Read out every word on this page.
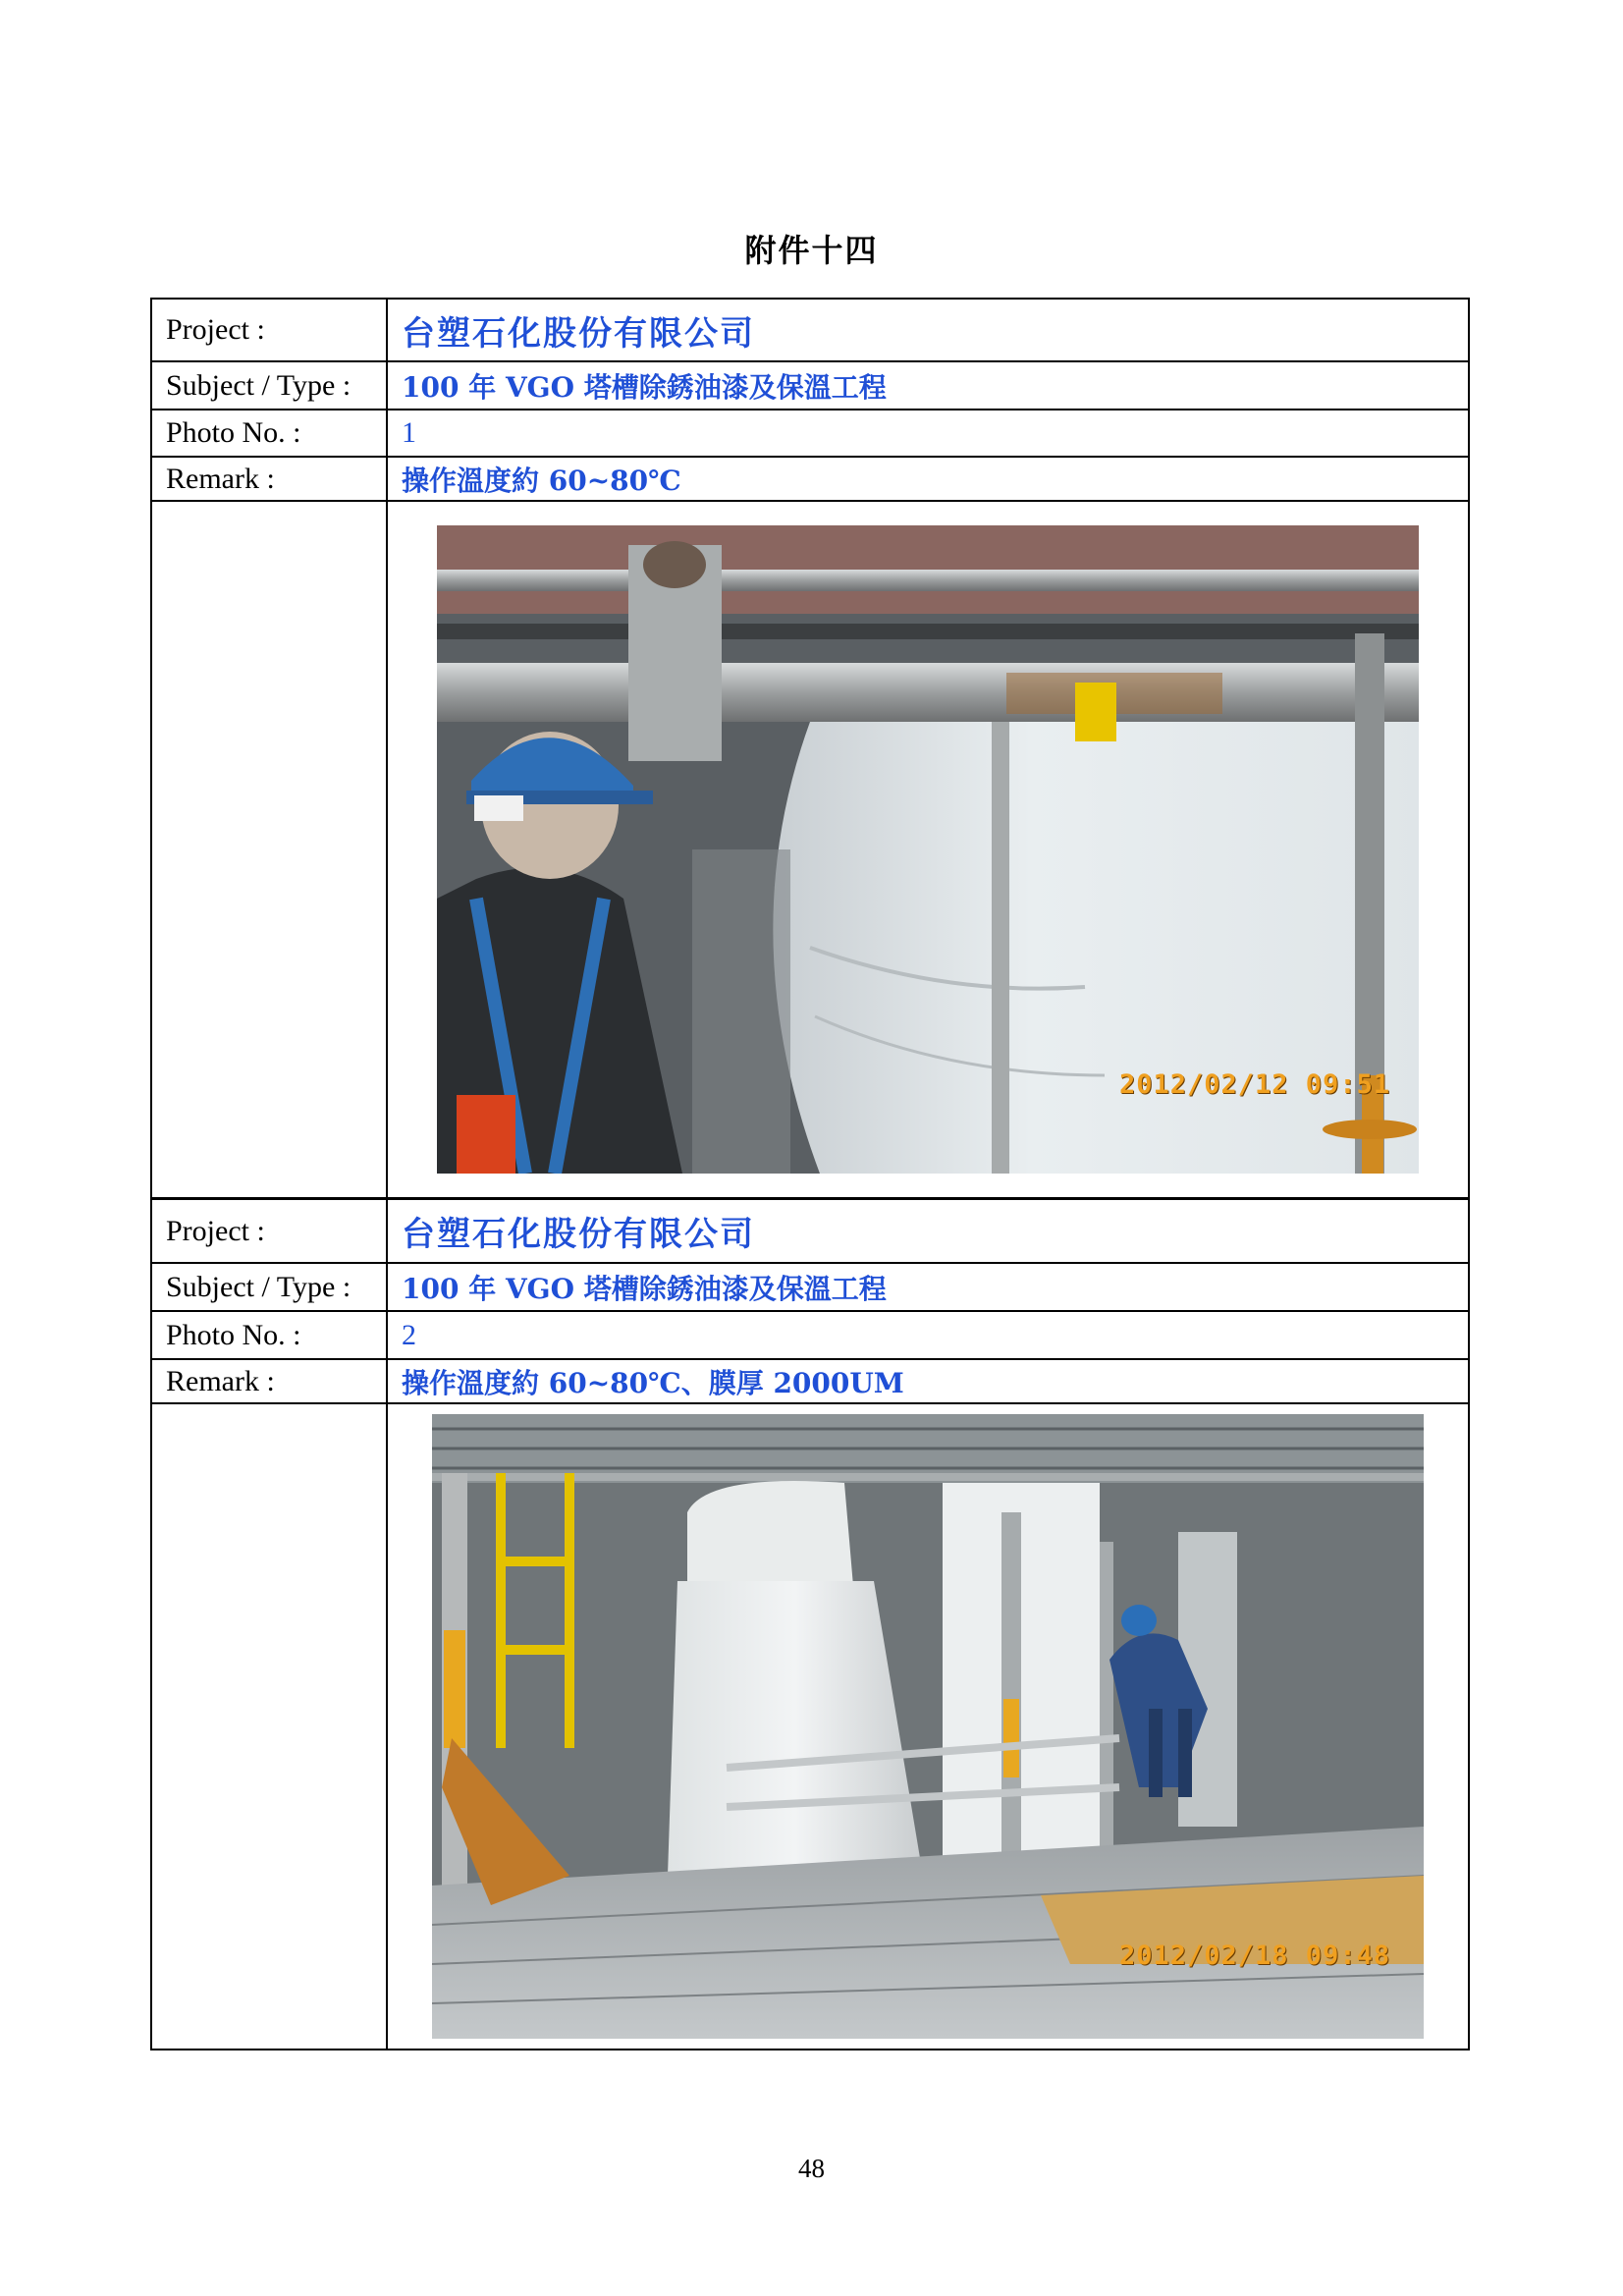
附件十四
Project :	台塑石化股份有限公司
Subject / Type :	100 年 VGO 塔槽除銹油漆及保溫工程
Photo No. :	1
Remark :	操作溫度約 60~80℃
2012/02/12 09:51
Project :	台塑石化股份有限公司
Subject / Type :	100 年 VGO 塔槽除銹油漆及保溫工程
Photo No. :	2
Remark :	操作溫度約 60~80℃、膜厚 2000UM
2012/02/18 09:48
48
